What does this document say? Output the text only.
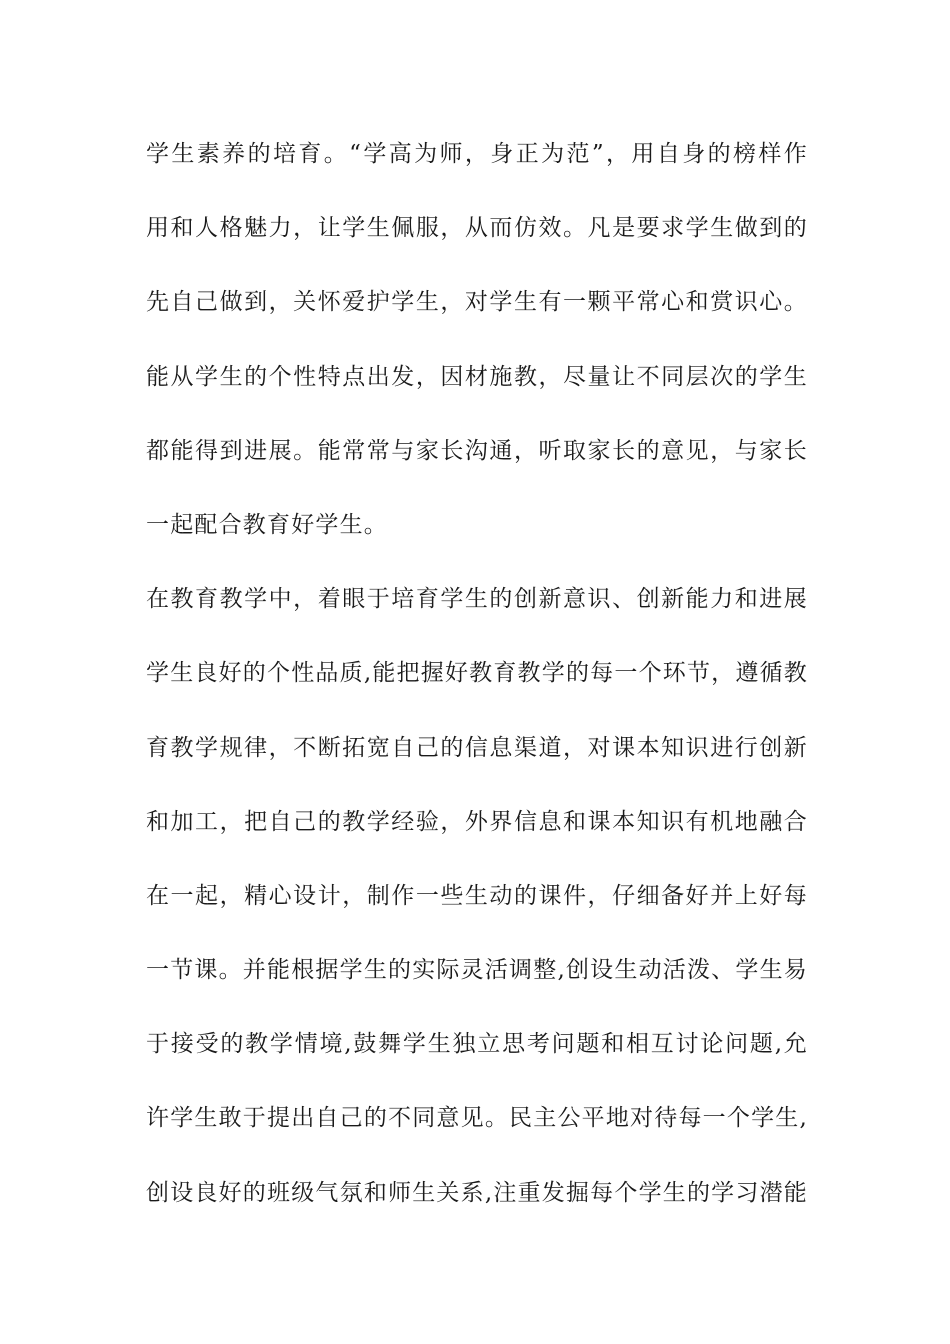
学生素养的培育。“学高为师，身正为范”，用自身的榜样作
用和人格魅力，让学生佩服，从而仿效。凡是要求学生做到的
先自己做到，关怀爱护学生，对学生有一颗平常心和赏识心。
能从学生的个性特点出发，因材施教，尽量让不同层次的学生
都能得到进展。能常常与家长沟通，听取家长的意见，与家长
一起配合教育好学生。
在教育教学中，着眼于培育学生的创新意识、创新能力和进展
学生良好的个性品质,能把握好教育教学的每一个环节，遵循教
育教学规律，不断拓宽自己的信息渠道，对课本知识进行创新
和加工，把自己的教学经验，外界信息和课本知识有机地融合
在一起，精心设计，制作一些生动的课件，仔细备好并上好每
一节课。并能根据学生的实际灵活调整,创设生动活泼、学生易
于接受的教学情境,鼓舞学生独立思考问题和相互讨论问题,允
许学生敢于提出自己的不同意见。民主公平地对待每一个学生,
创设良好的班级气氛和师生关系,注重发掘每个学生的学习潜能
